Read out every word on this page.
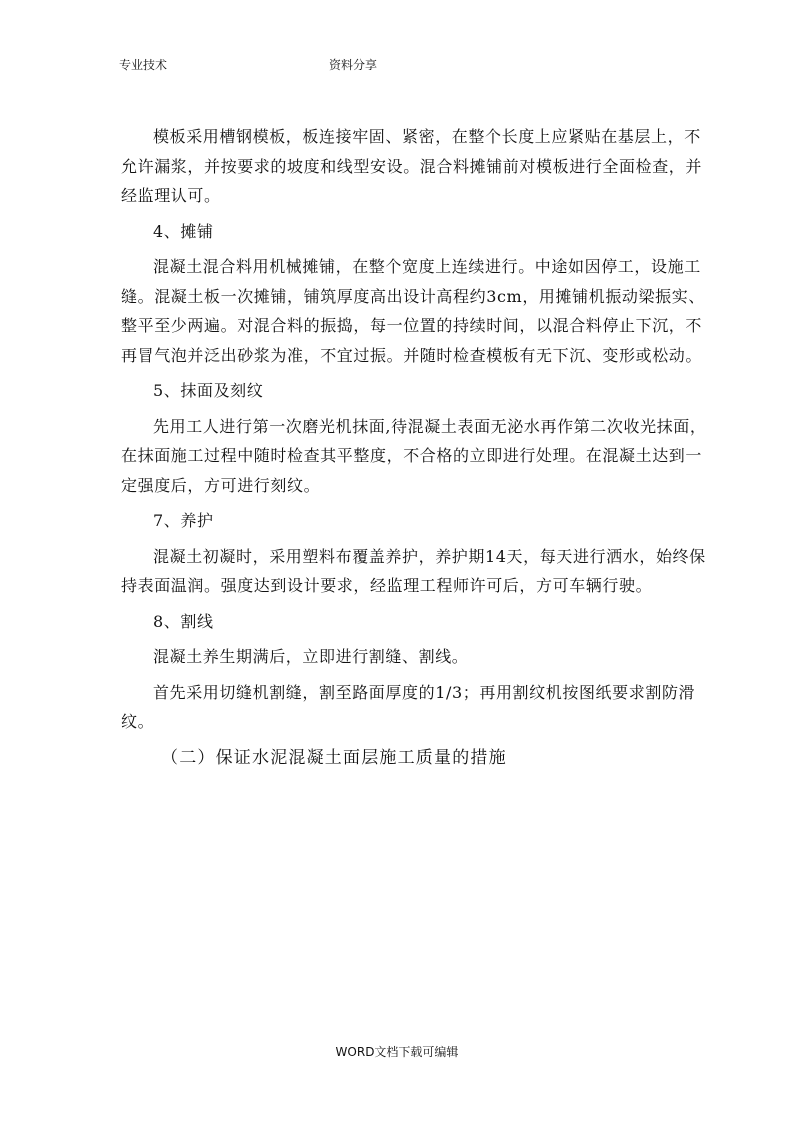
专业技术	资料分享

模板采用槽钢模板，板连接牢固、紧密，在整个长度上应紧贴在基层上，不允许漏浆，并按要求的坡度和线型安设。混合料摊铺前对模板进行全面检查，并经监理认可。

4、摊铺

混凝土混合料用机械摊铺，在整个宽度上连续进行。中途如因停工，设施工缝。混凝土板一次摊铺，铺筑厚度高出设计高程约3cm，用摊铺机振动梁振实、整平至少两遍。对混合料的振捣，每一位置的持续时间，以混合料停止下沉，不再冒气泡并泛出砂浆为准，不宜过振。并随时检查模板有无下沉、变形或松动。

5、抹面及刻纹

先用工人进行第一次磨光机抹面,待混凝土表面无泌水再作第二次收光抹面，在抹面施工过程中随时检查其平整度，不合格的立即进行处理。在混凝土达到一定强度后，方可进行刻纹。

7、养护

混凝土初凝时，采用塑料布覆盖养护，养护期14天，每天进行洒水，始终保持表面温润。强度达到设计要求，经监理工程师许可后，方可车辆行驶。

8、割线

混凝土养生期满后，立即进行割缝、割线。

首先采用切缝机割缝，割至路面厚度的1/3；再用割纹机按图纸要求割防滑纹。

（二）保证水泥混凝土面层施工质量的措施

WORD文档下载可编辑
